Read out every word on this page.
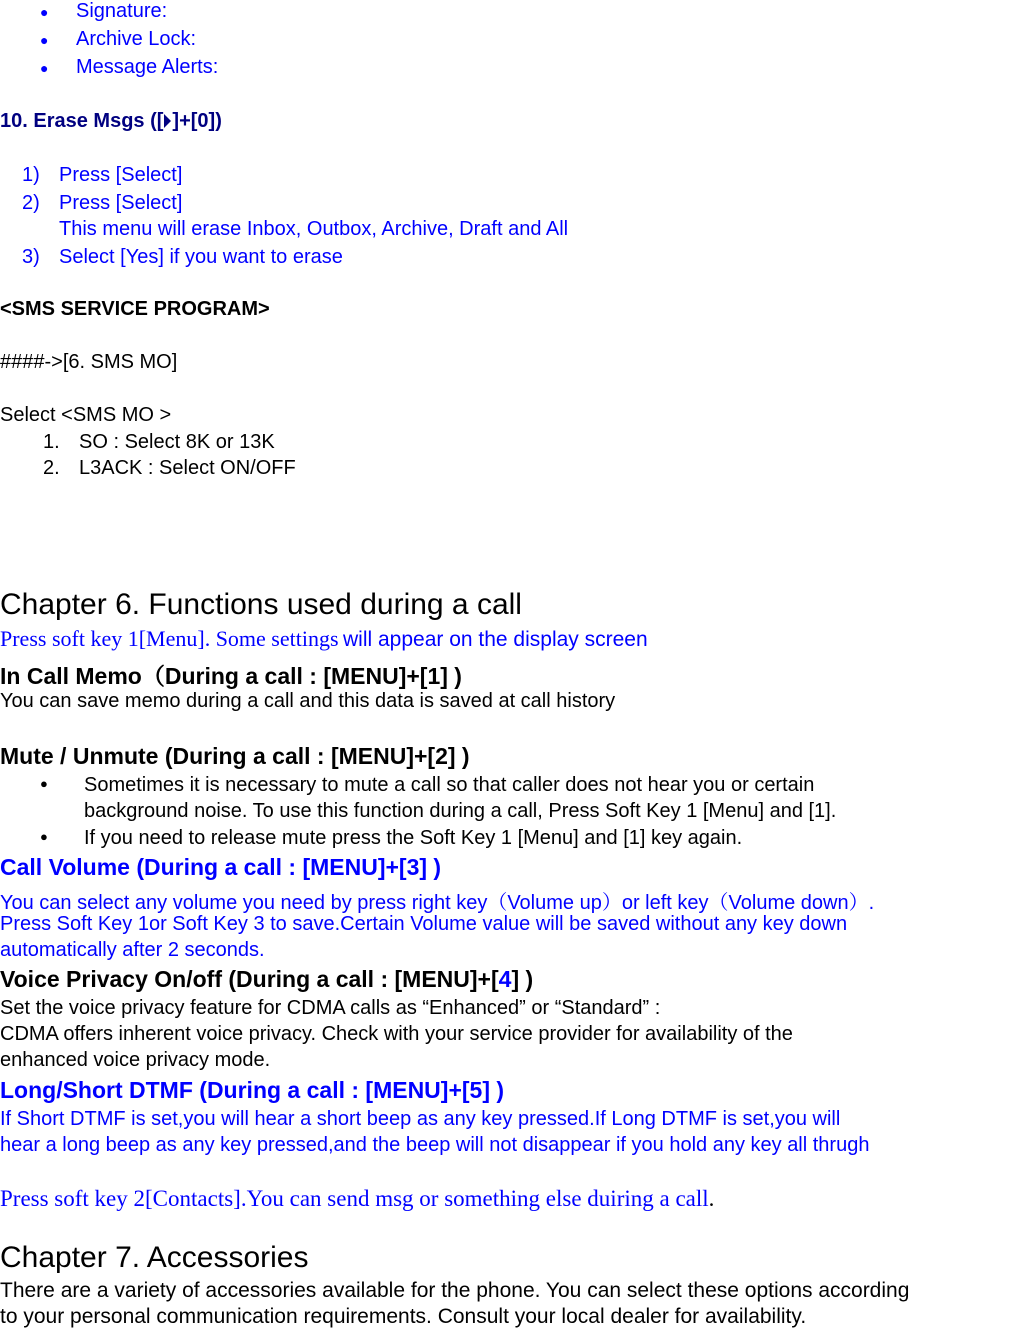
● Signature:
● Archive Lock:
● Message Alerts:
10. Erase Msgs ([ ]+[0])
1) Press [Select]
2) Press [Select]
This menu will erase Inbox, Outbox, Archive, Draft and All
3) Select [Yes] if you want to erase
<SMS SERVICE PROGRAM>
####->[6. SMS MO]
Select <SMS MO >
1. SO : Select 8K or 13K
2. L3ACK : Select ON/OFF
Chapter 6. Functions used during a call
Press soft key 1[Menu]. Some settings will appear on the display screen
In Call Memo（During a call : [MENU]+[1] )
You can save memo during a call and this data is saved at call history
Mute / Unmute (During a call : [MENU]+[2] )
● Sometimes it is necessary to mute a call so that caller does not hear you or certain
background noise. To use this function during a call, Press Soft Key 1 [Menu] and [1].
● If you need to release mute press the Soft Key 1 [Menu] and [1] key again.
Call Volume (During a call : [MENU]+[3] )
You can select any volume you need by press right key（Volume up）or left key（Volume down）.
Press Soft Key 1or Soft Key 3 to save.Certain Volume value will be saved without any key down
automatically after 2 seconds.
Voice Privacy On/off (During a call : [MENU]+[4] )
Set the voice privacy feature for CDMA calls as “Enhanced” or “Standard” :
CDMA offers inherent voice privacy. Check with your service provider for availability of the
enhanced voice privacy mode.
Long/Short DTMF (During a call : [MENU]+[5] )
If Short DTMF is set,you will hear a short beep as any key pressed.If Long DTMF is set,you will
hear a long beep as any key pressed,and the beep will not disappear if you hold any key all thrugh
Press soft key 2[Contacts].You can send msg or something else duiring a call.
Chapter 7. Accessories
There are a variety of accessories available for the phone. You can select these options according
to your personal communication requirements. Consult your local dealer for availability.
